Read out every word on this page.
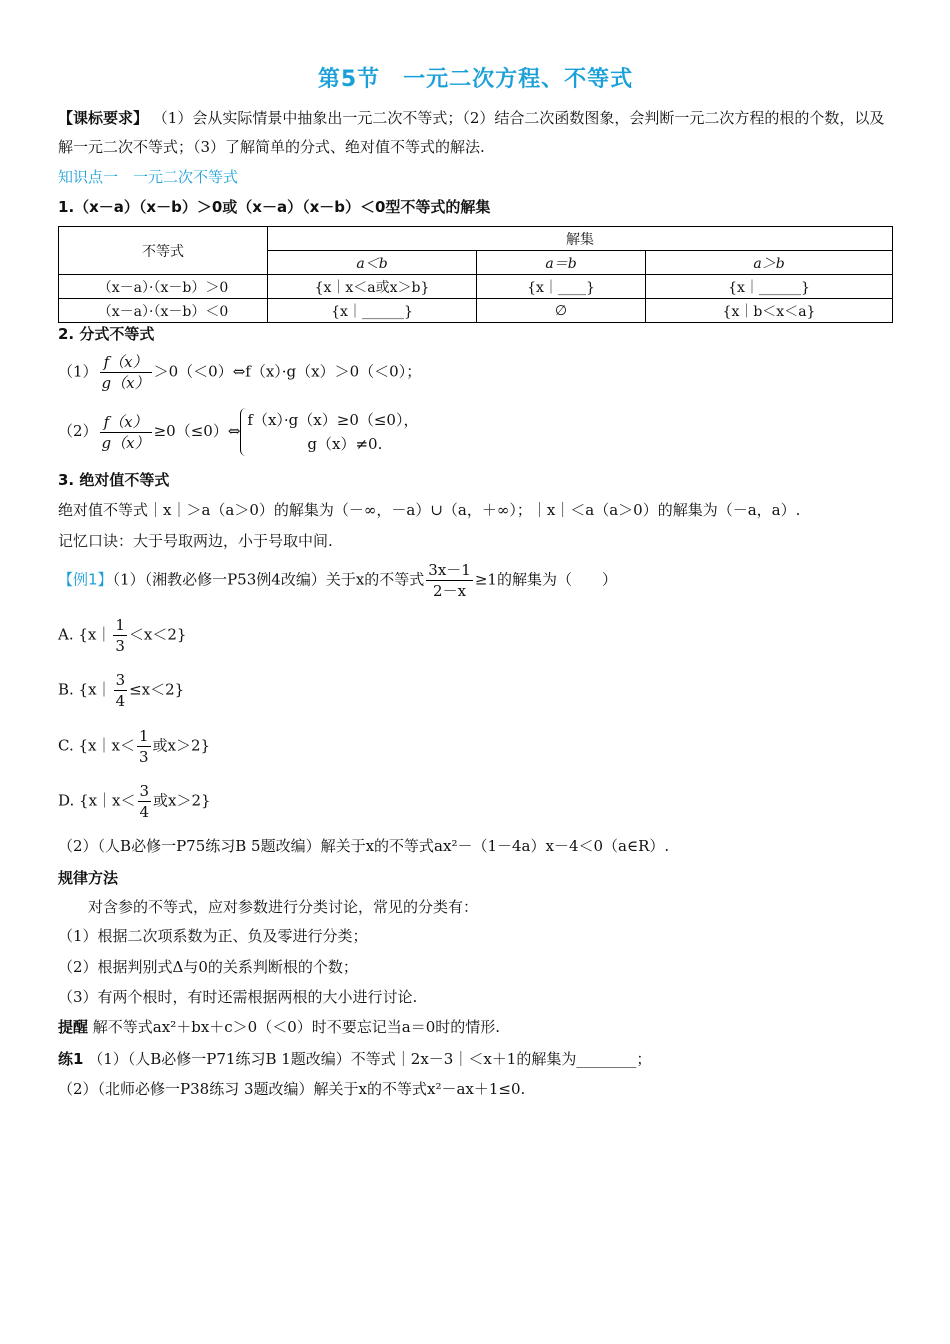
第5节　一元二次方程、不等式
【课标要求】 （1）会从实际情景中抽象出一元二次不等式；（2）结合二次函数图象，会判断一元二次方程的根的个数，以及解一元二次不等式；（3）了解简单的分式、绝对值不等式的解法.
知识点一　一元二次不等式
1.（x－a）（x－b）＞0或（x－a）（x－b）＜0型不等式的解集
不等式	解集		
	a＜b	a＝b	a＞b
（x－a）·（x－b）＞0	{x｜x＜a或x＞b}	{x｜____}	{x｜______}
（x－a）·（x－b）＜0	{x｜______}	∅	{x｜b＜x＜a}
2. 分式不等式
$(1) \frac{f(x)}{g(x)}$ ＞0（＜0）⇔f（x）·g（x）＞0（＜0）；
$(2) \frac{f(x)}{g(x)}$ ≥0（≤0）⇔
f（x）·g（x）≥0（≤0），
g（x）≠0.
3. 绝对值不等式
绝对值不等式｜x｜＞a（a＞0）的解集为（－∞，－a）∪（a，＋∞）；｜x｜＜a（a＞0）的解集为（－a，a）.
记忆口诀：大于号取两边，小于号取中间.
【例1】（1）（湘教必修一P53例4改编）关于x的不等式 $\frac{3x-1}{2-x} \ge 1$的解集为（　　）
A. {x｜ $\frac{1}{3} <x<2$}
B. {x｜ $\frac{3}{4} \le x<2$}
C. {x｜x＜ $\frac{1}{3}$ 或x＞2}
D. {x｜x＜ $\frac{3}{4}$ 或x＞2}
（2）（人B必修一P75练习B 5题改编）解关于x的不等式ax²－（1－4a）x－4＜0（a∈R）.
规律方法
对含参的不等式，应对参数进行分类讨论，常见的分类有：
（1）根据二次项系数为正、负及零进行分类；
（2）根据判别式Δ与0的关系判断根的个数；
（3）有两个根时，有时还需根据两根的大小进行讨论.
提醒 解不等式ax²＋bx＋c＞0（＜0）时不要忘记当a＝0时的情形.
练1 （1）（人B必修一P71练习B 1题改编）不等式｜2x－3｜＜x＋1的解集为________；
（2）（北师必修一P38练习 3题改编）解关于x的不等式x²－ax＋1≤0.
